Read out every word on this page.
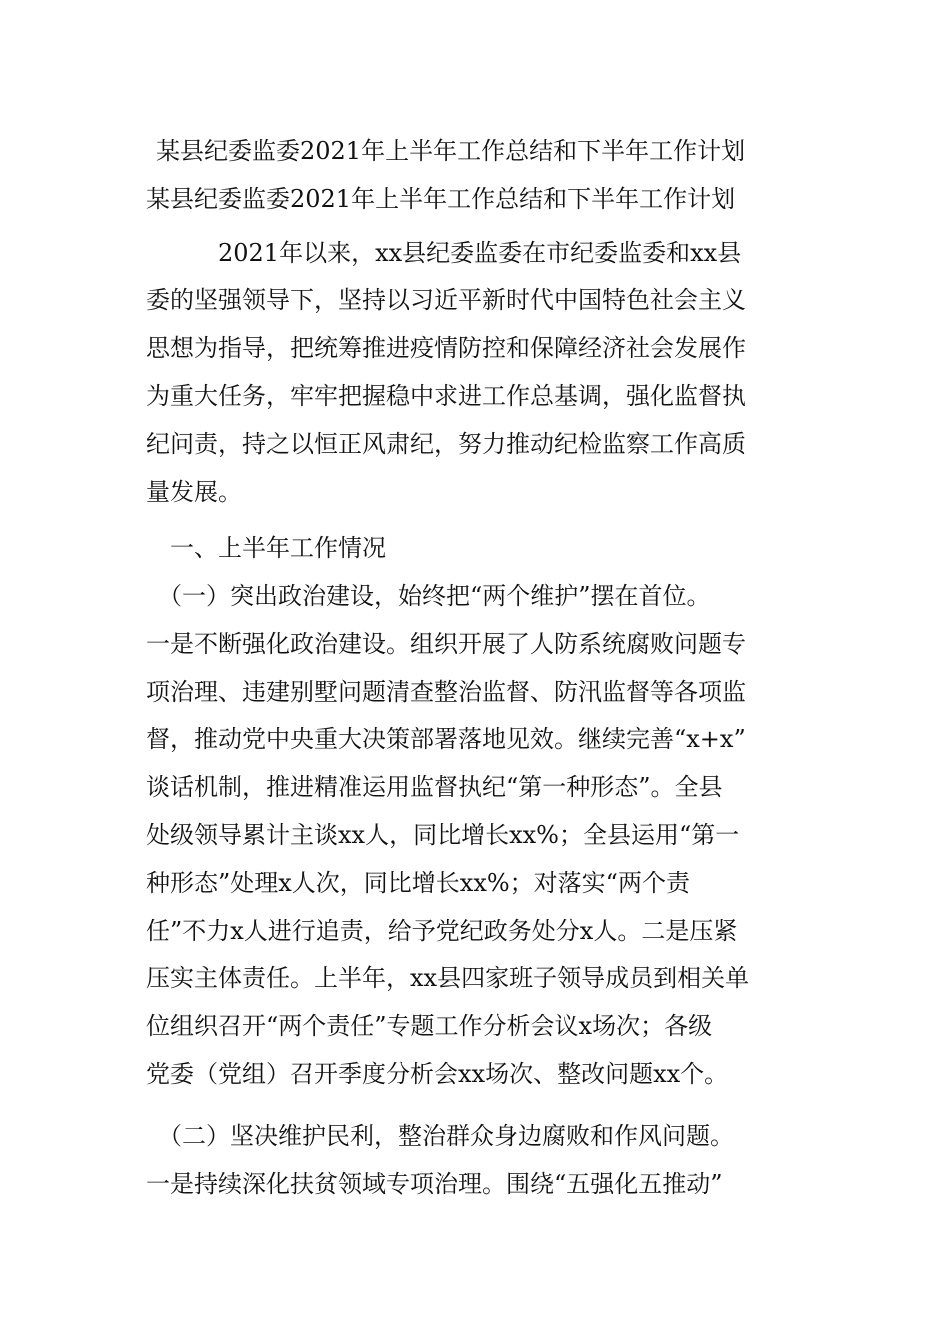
某县纪委监委2021年上半年工作总结和下半年工作计划
某县纪委监委2021年上半年工作总结和下半年工作计划
　　　2021年以来，xx县纪委监委在市纪委监委和xx县
委的坚强领导下，坚持以习近平新时代中国特色社会主义
思想为指导，把统筹推进疫情防控和保障经济社会发展作
为重大任务，牢牢把握稳中求进工作总基调，强化监督执
纪问责，持之以恒正风肃纪，努力推动纪检监察工作高质
量发展。
　一、上半年工作情况
　（一）突出政治建设，始终把“两个维护”摆在首位。
一是不断强化政治建设。组织开展了人防系统腐败问题专
项治理、违建别墅问题清查整治监督、防汛监督等各项监
督，推动党中央重大决策部署落地见效。继续完善“x+x”
谈话机制，推进精准运用监督执纪“第一种形态”。全县
处级领导累计主谈xx人，同比增长xx%；全县运用“第一
种形态”处理x人次，同比增长xx%；对落实“两个责
任”不力x人进行追责，给予党纪政务处分x人。二是压紧
压实主体责任。上半年，xx县四家班子领导成员到相关单
位组织召开“两个责任”专题工作分析会议x场次；各级
党委（党组）召开季度分析会xx场次、整改问题xx个。
　（二）坚决维护民利，整治群众身边腐败和作风问题。
一是持续深化扶贫领域专项治理。围绕“五强化五推动”
